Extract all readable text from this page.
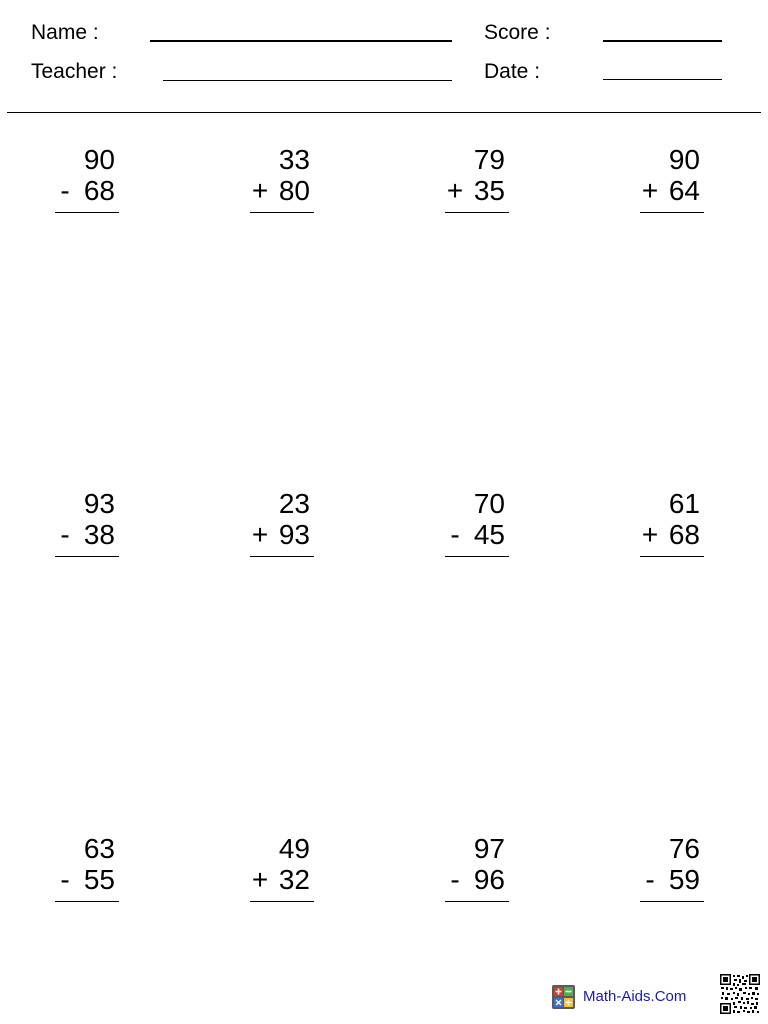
Name :
Teacher :
Score :
Date :
90
- 68
33
+ 80
79
+ 35
90
+ 64
93
- 38
23
+ 93
70
- 45
61
+ 68
63
- 55
49
+ 32
97
- 96
76
- 59
Math-Aids.Com
